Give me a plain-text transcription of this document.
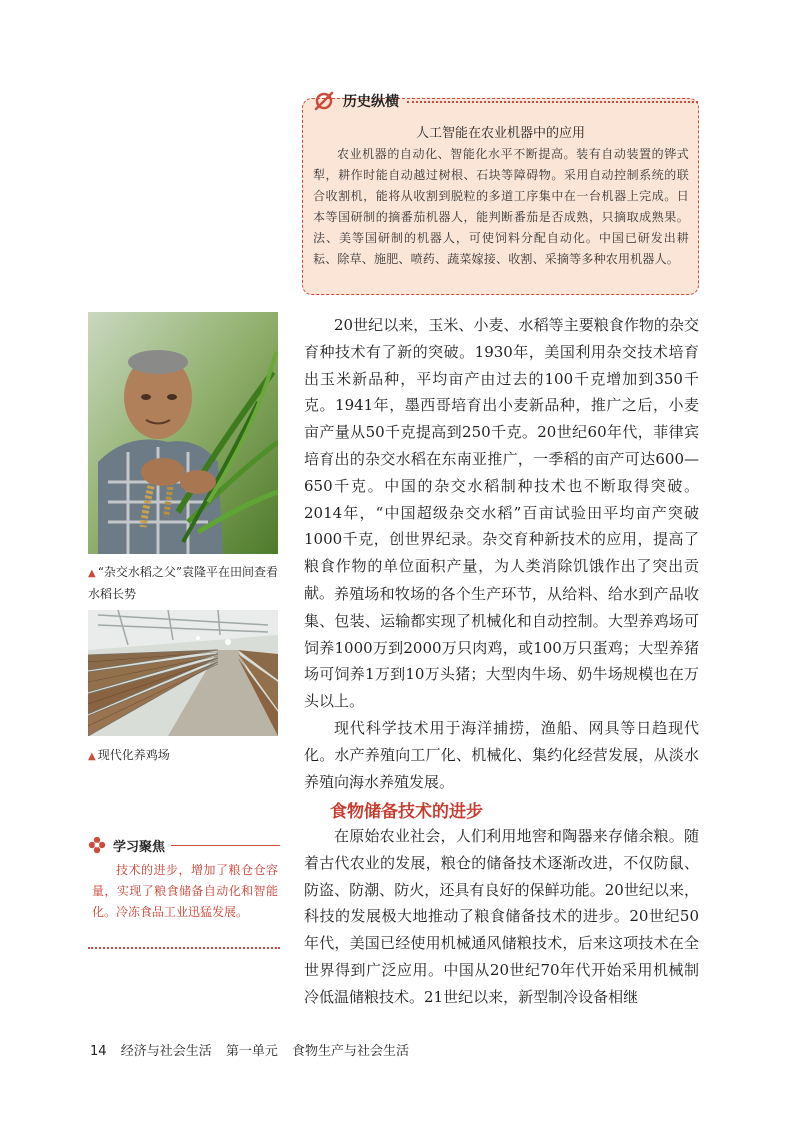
历史纵横
人工智能在农业机器中的应用
农业机器的自动化、智能化水平不断提高。装有自动装置的铧式犁，耕作时能自动越过树根、石块等障碍物。采用自动控制系统的联合收割机，能将从收割到脱粒的多道工序集中在一台机器上完成。日本等国研制的摘番茄机器人，能判断番茄是否成熟，只摘取成熟果。法、美等国研制的机器人，可使饲料分配自动化。中国已研发出耕耘、除草、施肥、喷药、蔬菜嫁接、收割、采摘等多种农用机器人。
▲ “杂交水稻之父”袁隆平在田间查看水稻长势
▲ 现代化养鸡场
20世纪以来，玉米、小麦、水稻等主要粮食作物的杂交育种技术有了新的突破。1930年，美国利用杂交技术培育出玉米新品种，平均亩产由过去的100千克增加到350千克。1941年，墨西哥培育出小麦新品种，推广之后，小麦亩产量从50千克提高到250千克。20世纪60年代，菲律宾培育出的杂交水稻在东南亚推广，一季稻的亩产可达600—650千克。中国的杂交水稻制种技术也不断取得突破。2014年，“中国超级杂交水稻”百亩试验田平均亩产突破1000千克，创世界纪录。杂交育种新技术的应用，提高了粮食作物的单位面积产量，为人类消除饥饿作出了突出贡献。 养殖场和牧场的各个生产环节，从给料、给水到产品收集、包装、运输都实现了机械化和自动控制。大型养鸡场可饲养1000万到2000万只肉鸡，或100万只蛋鸡；大型养猪场可饲养1万到10万头猪；大型肉牛场、奶牛场规模也在万头以上。
现代科学技术用于海洋捕捞，渔船、网具等日趋现代化。水产养殖向工厂化、机械化、集约化经营发展，从淡水养殖向海水养殖发展。
食物储备技术的进步
在原始农业社会，人们利用地窖和陶器来存储余粮。随着古代农业的发展，粮仓的储备技术逐渐改进，不仅防鼠、防盗、防潮、防火，还具有良好的保鲜功能。20世纪以来，科技的发展极大地推动了粮食储备技术的进步。20世纪50年代，美国已经使用机械通风储粮技术，后来这项技术在全世界得到广泛应用。中国从20世纪70年代开始采用机械制冷低温储粮技术。21世纪以来，新型制冷设备相继
学习聚焦
技术的进步，增加了粮仓仓容量，实现了粮食储备自动化和智能化。冷冻食品工业迅猛发展。
14 经济与社会生活 第一单元 食物生产与社会生活
